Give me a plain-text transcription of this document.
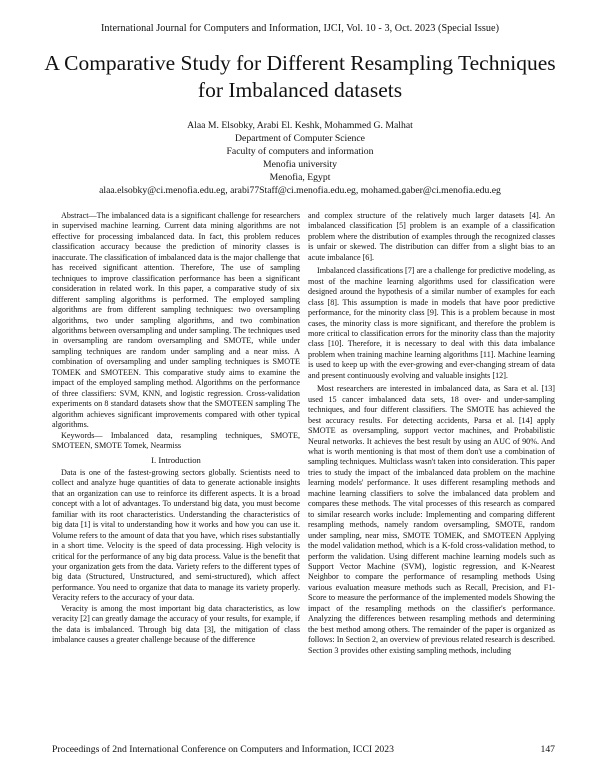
International Journal for Computers and Information, IJCI, Vol. 10 - 3, Oct. 2023 (Special Issue)
A Comparative Study for Different Resampling Techniques for Imbalanced datasets
Alaa M. Elsobky, Arabi El. Keshk, Mohammed G. Malhat
Department of Computer Science
Faculty of computers and information
Menofia university
Menofia, Egypt
alaa.elsobky@ci.menofia.edu.eg, arabi77Staff@ci.menofia.edu.eg, mohamed.gaber@ci.menofia.edu.eg

Abstract—The imbalanced data is a significant challenge for researchers in supervised machine learning. Current data mining algorithms are not effective for processing imbalanced data. In fact, this problem reduces classification accuracy because the prediction of minority classes is inaccurate. The classification of imbalanced data is the major challenge that has received significant attention. Therefore, The use of sampling techniques to improve classification performance has been a significant consideration in related work. In this paper, a comparative study of six different sampling algorithms is performed. The employed sampling algorithms are from different sampling techniques: two oversampling algorithms, two under sampling algorithms, and two combination algorithms between oversampling and under sampling. The techniques used in oversampling are random oversampling and SMOTE, while under sampling techniques are random under sampling and a near miss. A combination of oversampling and under sampling techniques is SMOTE TOMEK and SMOTEEN. This comparative study aims to examine the impact of the employed sampling method. Algorithms on the performance of three classifiers: SVM, KNN, and logistic regression. Cross-validation experiments on 8 standard datasets show that the SMOTEEN sampling The algorithm achieves significant improvements compared with other typical algorithms.

Keywords— Imbalanced data, resampling techniques, SMOTE, SMOTEEN, SMOTE Tomek, Nearmiss

I. Introduction

Data is one of the fastest-growing sectors globally. Scientists need to collect and analyze huge quantities of data to generate actionable insights that an organization can use to reinforce its different aspects. It is a broad concept with a lot of advantages. To understand big data, you must become familiar with its root characteristics. Understanding the characteristics of big data [1] is vital to understanding how it works and how you can use it. Volume refers to the amount of data that you have, which rises substantially in a short time. Velocity is the speed of data processing. High velocity is critical for the performance of any big data process. Value is the benefit that your organization gets from the data. Variety refers to the different types of big data (Structured, Unstructured, and semi-structured), which affect performance. You need to organize that data to manage its variety properly. Veracity refers to the accuracy of your data.

Veracity is among the most important big data characteristics, as low veracity [2] can greatly damage the accuracy of your results, for example, if the data is imbalanced. Through big data [3], the mitigation of class imbalance causes a greater challenge because of the difference

and complex structure of the relatively much larger datasets [4]. An imbalanced classification [5] problem is an example of a classification problem where the distribution of examples through the recognized classes is unfair or skewed. The distribution can differ from a slight bias to an acute imbalance [6].

Imbalanced classifications [7] are a challenge for predictive modeling, as most of the machine learning algorithms used for classification were designed around the hypothesis of a similar number of examples for each class [8]. This assumption is made in models that have poor predictive performance, for the minority class [9]. This is a problem because in most cases, the minority class is more significant, and therefore the problem is more critical to classification errors for the minority class than the majority class [10]. Therefore, it is necessary to deal with this data imbalance problem when training machine learning algorithms [11]. Machine learning is used to keep up with the ever-growing and ever-changing stream of data and present continuously evolving and valuable insights [12].

Most researchers are interested in imbalanced data, as Sara et al. [13] used 15 cancer imbalanced data sets, 18 over- and under-sampling techniques, and four different classifiers. The SMOTE has achieved the best accuracy results. For detecting accidents, Parsa et al. [14] apply SMOTE as oversampling, support vector machines, and Probabilistic Neural networks. It achieves the best result by using an AUC of 90%. And what is worth mentioning is that most of them don't use a combination of sampling techniques. Multiclass wasn't taken into consideration. This paper tries to study the impact of the imbalanced data problem on the machine learning models' performance. It uses different resampling methods and machine learning classifiers to solve the imbalanced data problem and compares these methods. The vital processes of this research as compared to similar research works include: Implementing and comparing different resampling methods, namely random oversampling, SMOTE, random under sampling, near miss, SMOTE TOMEK, and SMOTEEN Applying the model validation method, which is a K-fold cross-validation method, to perform the validation. Using different machine learning models such as Support Vector Machine (SVM), logistic regression, and K-Nearest Neighbor to compare the performance of resampling methods Using various evaluation measure methods such as Recall, Precision, and F1-Score to measure the performance of the implemented models Showing the impact of the resampling methods on the classifier's performance. Analyzing the differences between resampling methods and determining the best method among others. The remainder of the paper is organized as follows: In Section 2, an overview of previous related research is described. Section 3 provides other existing sampling methods, including

Proceedings of 2nd International Conference on Computers and Information, ICCI 2023	147
